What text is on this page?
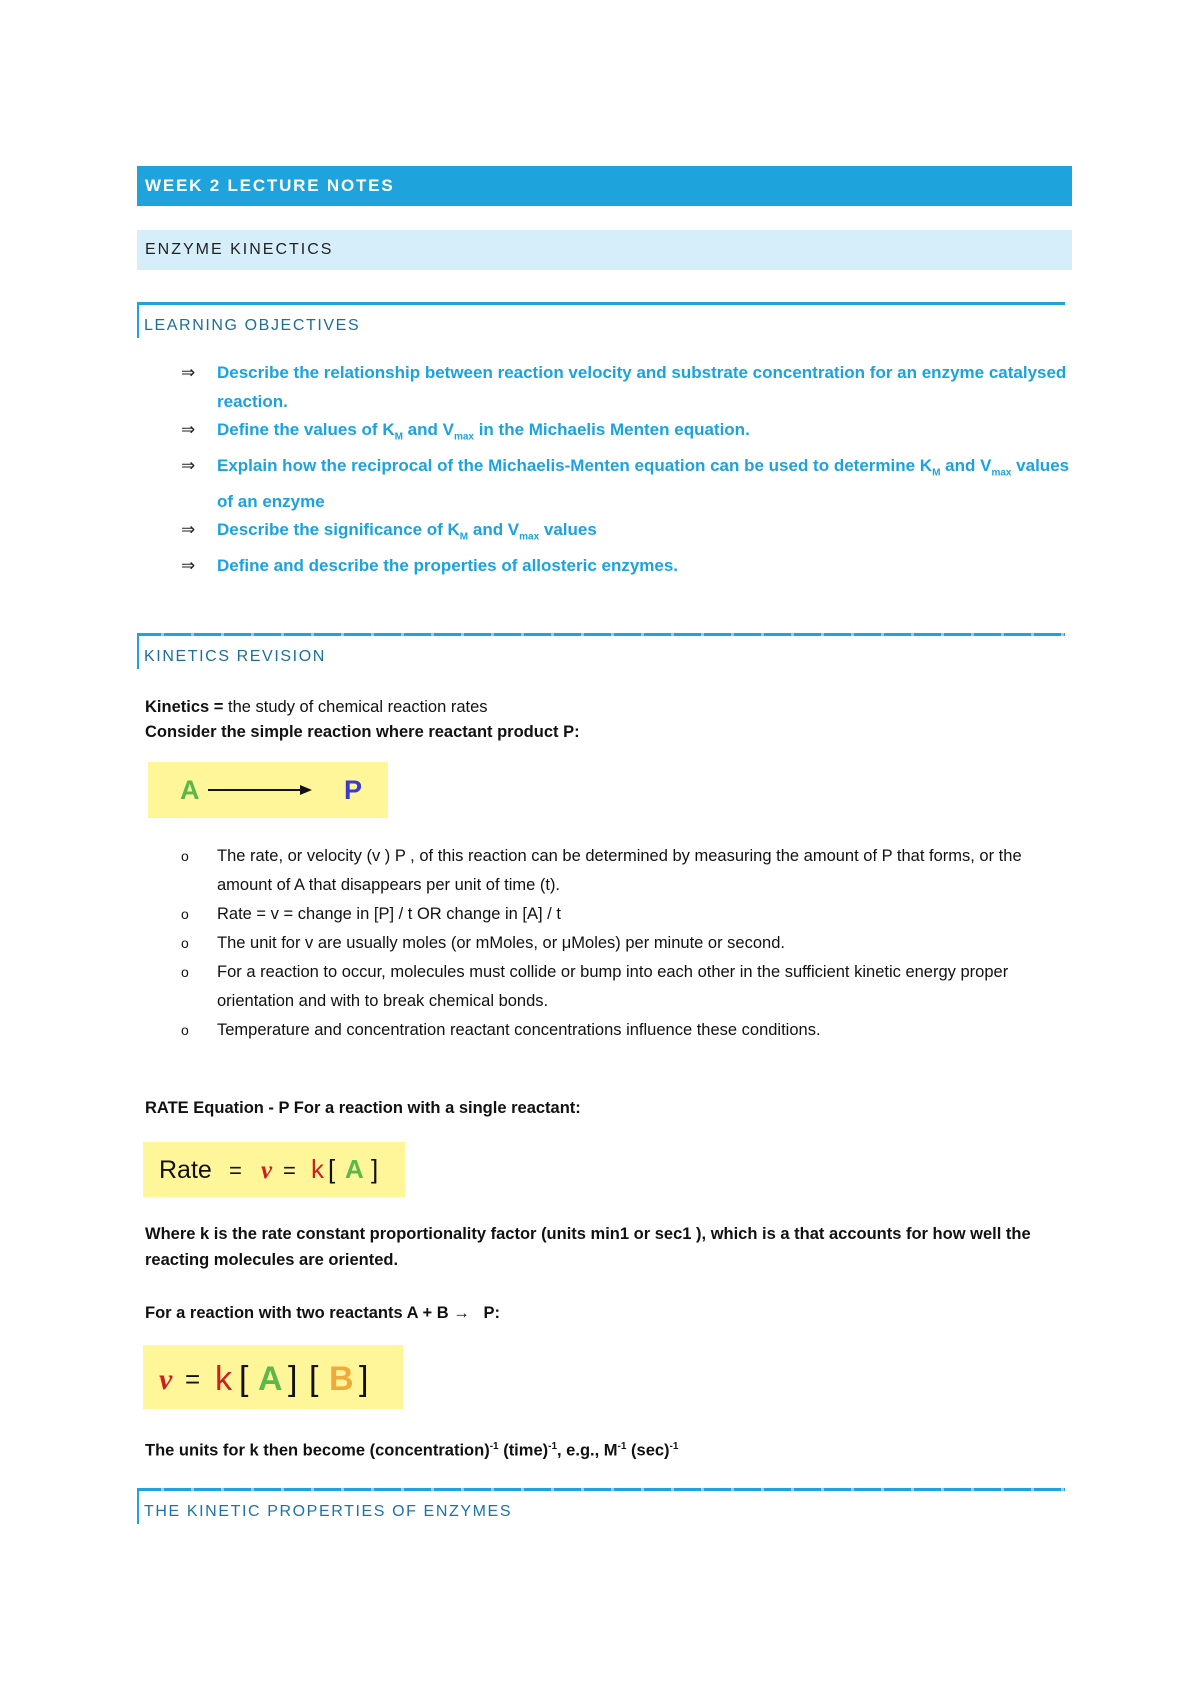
WEEK 2 LECTURE NOTES
ENZYME KINECTICS
LEARNING OBJECTIVES
⇒ Describe the relationship between reaction velocity and substrate concentration for an enzyme catalysed reaction.
⇒ Define the values of $K_M$ and $V_{max}$ in the Michaelis Menten equation.
⇒ Explain how the reciprocal of the Michaelis-Menten equation can be used to determine $K_M$ and $V_{max}$ values of an enzyme
⇒ Describe the significance of $K_M$ and $V_{max}$ values
⇒ Define and describe the properties of allosteric enzymes.
KINETICS REVISION
Kinetics = the study of chemical reaction rates
Consider the simple reaction where reactant product P:
A	P
o The rate, or velocity (v ) P , of this reaction can be determined by measuring the amount of P that forms, or the amount of A that disappears per unit of time (t).
o Rate = v = change in [P] / t OR change in [A] / t
o The unit for v are usually moles (or mMoles, or μMoles) per minute or second.
o For a reaction to occur, molecules must collide or bump into each other in the sufficient kinetic energy proper orientation and with to break chemical bonds.
o Temperature and concentration reactant concentrations influence these conditions.
RATE Equation - P For a reaction with a single reactant:
Rate = v = k [ A ]
Where k is the rate constant proportionality factor (units min1 or sec1 ), which is a that accounts for how well the reacting molecules are oriented.
For a reaction with two reactants A + B → P:
v = k [ A ] [ B ]
The units for k then become (concentration)$^{-1}$ (time)$^{-1}$, e.g., $M^{-1}$ $(\sec)^{-1}$
THE KINETIC PROPERTIES OF ENZYMES
